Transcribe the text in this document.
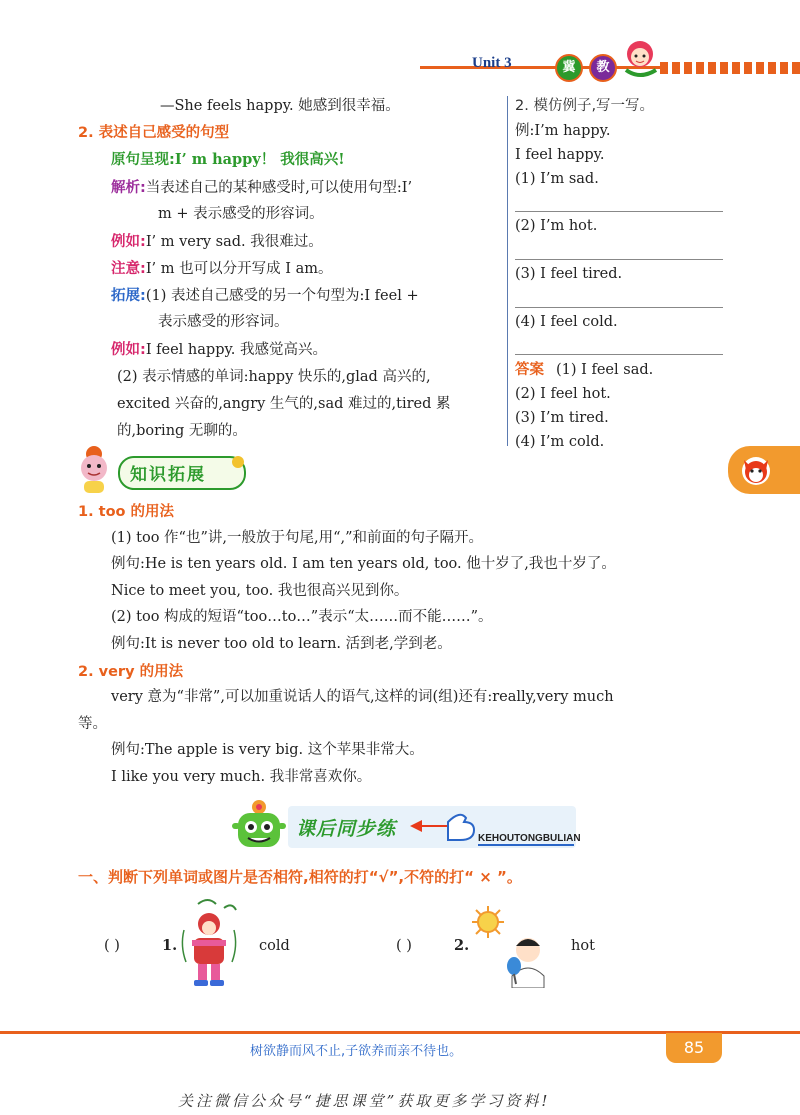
Unit 3	冀	教
—She feels happy. 她感到很幸福。
2. 表述自己感受的句型
原句呈现:I’ m happy！ 我很高兴!
解析:当表述自己的某种感受时,可以使用句型:I’
m + 表示感受的形容词。
例如:I’ m very sad. 我很难过。
注意:I’ m 也可以分开写成 I am。
拓展:(1) 表述自己感受的另一个句型为:I feel +
表示感受的形容词。
例如:I feel happy. 我感觉高兴。
(2) 表示情感的单词:happy 快乐的,glad 高兴的,
excited 兴奋的,angry 生气的,sad 难过的,tired 累
的,boring 无聊的。
2. 模仿例子,写一写。
例:I’m happy.
I feel happy.
(1) I’m sad.
(2) I’m hot.
(3) I feel tired.
(4) I feel cold.
答案 (1) I feel sad.
(2) I feel hot.
(3) I’m tired.
(4) I’m cold.
知识拓展
1. too 的用法
(1) too 作“也”讲,一般放于句尾,用“,”和前面的句子隔开。
例句:He is ten years old. I am ten years old, too. 他十岁了,我也十岁了。
Nice to meet you, too. 我也很高兴见到你。
(2) too 构成的短语“too…to…”表示“太……而不能……”。
例句:It is never too old to learn. 活到老,学到老。
2. very 的用法
very 意为“非常”,可以加重说话人的语气,这样的词(组)还有:really,very much
等。
例句:The apple is very big. 这个苹果非常大。
I like you very much. 我非常喜欢你。
课后同步练	KEHOUTONGBULIAN
一、判断下列单词或图片是否相符,相符的打“√”,不符的打“ × ”。
( )	1.	cold	( )	2.	hot
树欲静而风不止,子欲养而亲不待也。	85
关注微信公众号“捷思课堂”获取更多学习资料!
